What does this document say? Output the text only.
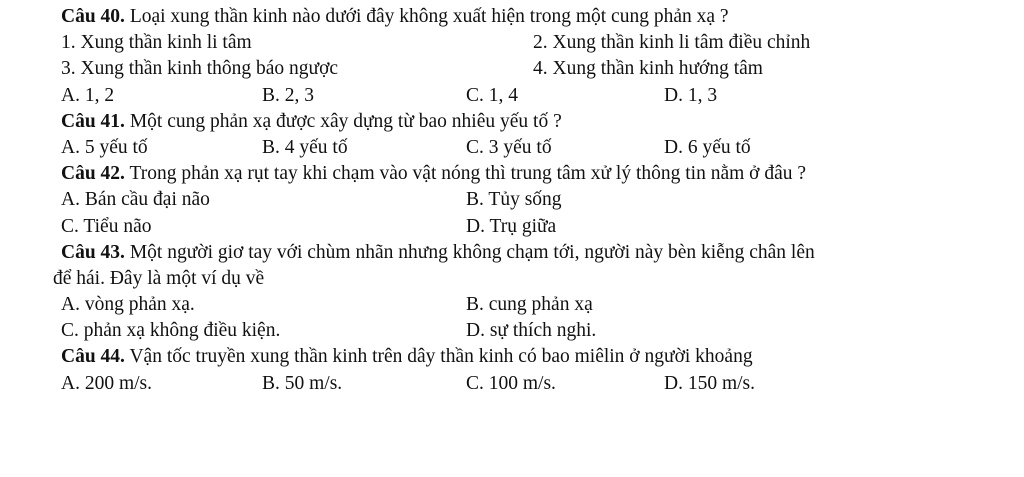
Câu 40. Loại xung thần kinh nào dưới đây không xuất hiện trong một cung phản xạ ?
1. Xung thần kinh li tâm	2. Xung thần kinh li tâm điều chỉnh
3. Xung thần kinh thông báo ngược	4. Xung thần kinh hướng tâm
A. 1, 2	B. 2, 3	C. 1, 4	D. 1, 3
Câu 41. Một cung phản xạ được xây dựng từ bao nhiêu yếu tố ?
A. 5 yếu tố	B. 4 yếu tố	C. 3 yếu tố	D. 6 yếu tố
Câu 42. Trong phản xạ rụt tay khi chạm vào vật nóng thì trung tâm xử lý thông tin nằm ở đâu ?
A. Bán cầu đại não	B. Tủy sống
C. Tiểu não	D. Trụ giữa
Câu 43. Một người giơ tay với chùm nhãn nhưng không chạm tới, người này bèn kiễng chân lên
để hái. Đây là một ví dụ về
A. vòng phản xạ.	B. cung phản xạ
C. phản xạ không điều kiện.	D. sự thích nghi.
Câu 44. Vận tốc truyền xung thần kinh trên dây thần kinh có bao miêlin ở người khoảng
A. 200 m/s.	B. 50 m/s.	C. 100 m/s.	D. 150 m/s.
